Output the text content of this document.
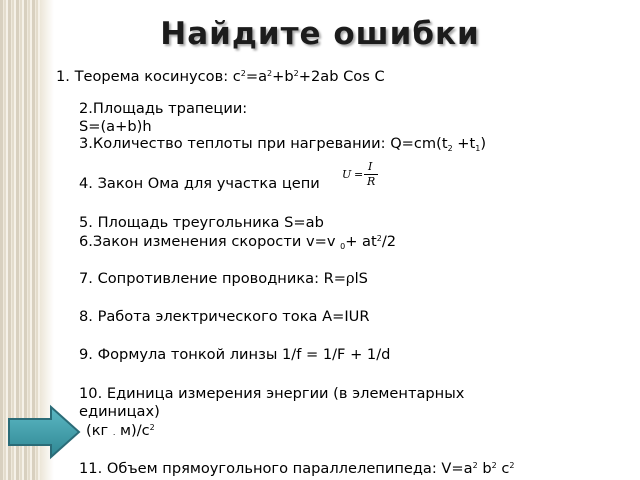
Найдите ошибки
1. Теорема косинусов: $c^2=a^2+b^2+2ab$ Cos C
2.Площадь трапеции:
S=(a+b)h
3.Количество теплоты при нагревании: $Q=cm(t_2 +t_1)$
4. Закон Ома для участка цепи
U =
I
R
5. Площадь треугольника S=ab
6.Закон изменения скорости v=v $_0+ at^2/2$
7. Сопротивление проводника: R=ρlS
8. Работа электрического тока A=IUR
9. Формула тонкой линзы 1/f = 1/F + 1/d
10. Единица измерения энергии (в элементарных
единицах)
(кг . $м)/с^2$
11. Объем прямоугольного параллелепипеда: $V=a^2$ $b^2$ $c^2$
